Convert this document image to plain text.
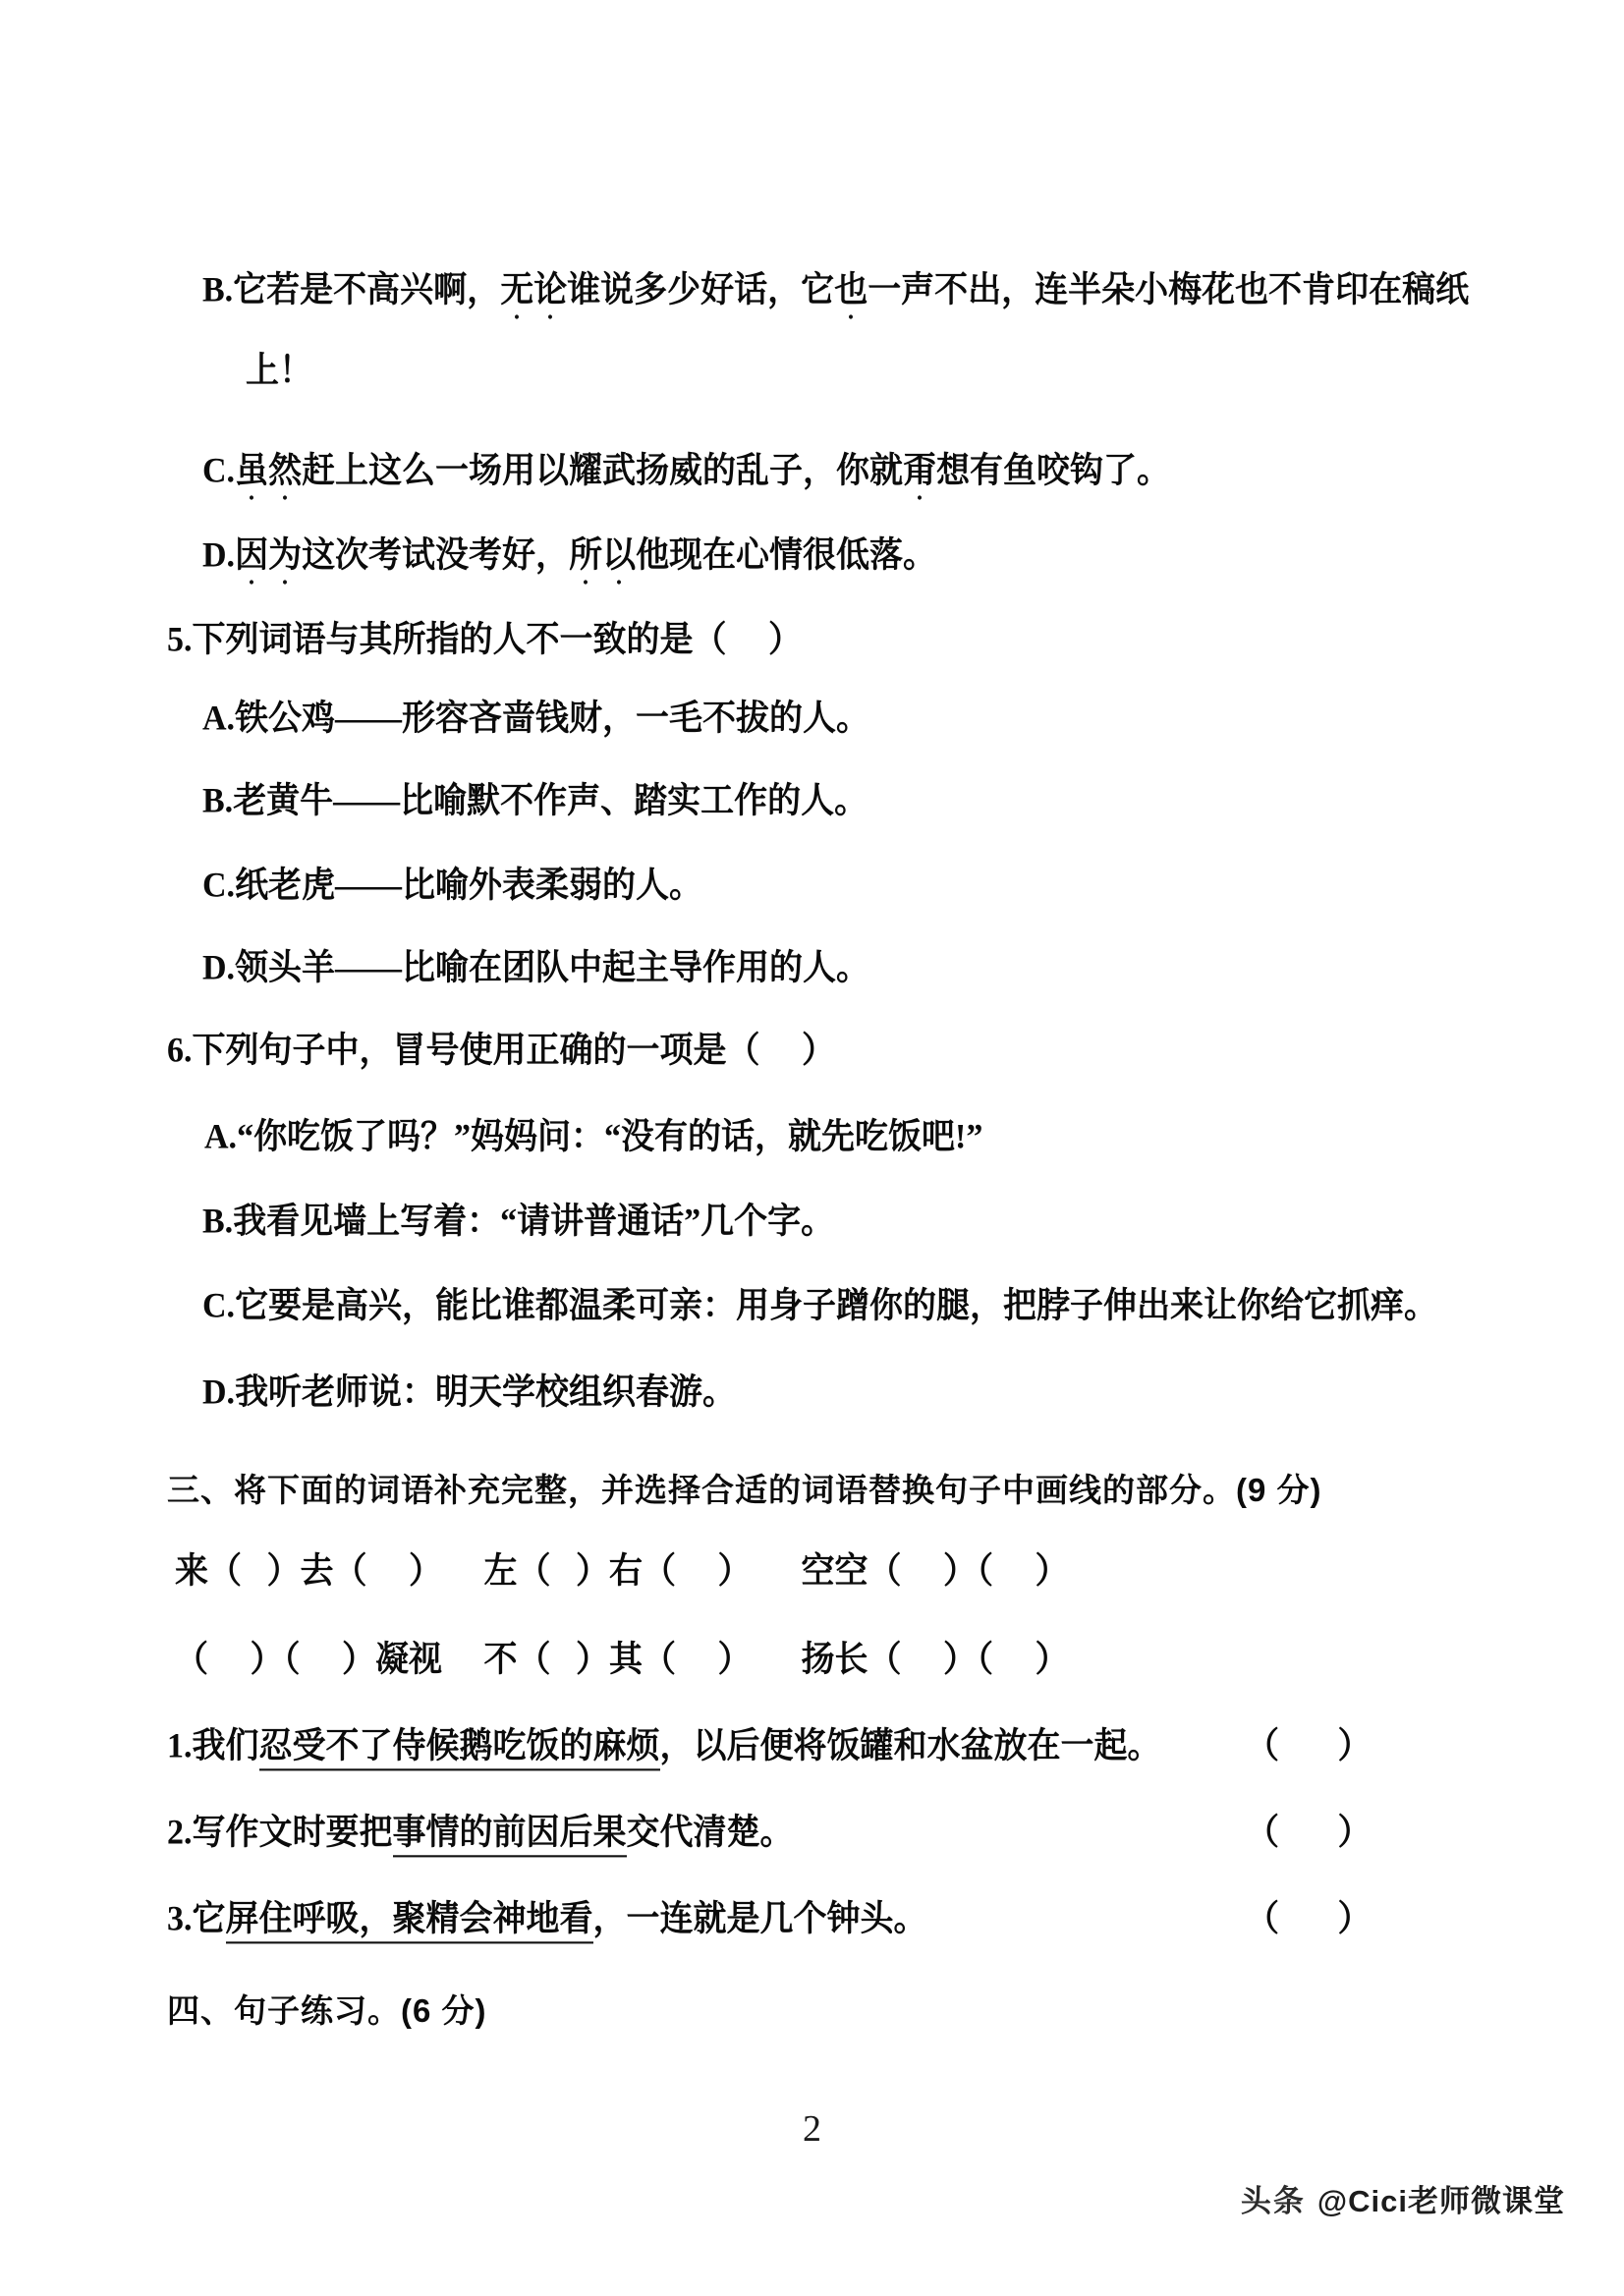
B.它若是不高兴啊，无论谁说多少好话，它也一声不出，连半朵小梅花也不肯印在稿纸
上！
C.虽然赶上这么一场用以耀武扬威的乱子，你就甭想有鱼咬钩了。
D.因为这次考试没考好，所以他现在心情很低落。
5.下列词语与其所指的人不一致的是（ ）
A.铁公鸡——形容吝啬钱财，一毛不拔的人。
B.老黄牛——比喻默不作声、踏实工作的人。
C.纸老虎——比喻外表柔弱的人。
D.领头羊——比喻在团队中起主导作用的人。
6.下列句子中，冒号使用正确的一项是（ ）
A.“你吃饭了吗？”妈妈问：“没有的话，就先吃饭吧!”
B.我看见墙上写着：“请讲普通话”几个字。
C.它要是高兴，能比谁都温柔可亲：用身子蹭你的腿，把脖子伸出来让你给它抓痒。
D.我听老师说：明天学校组织春游。
三、将下面的词语补充完整，并选择合适的词语替换句子中画线的部分。(9 分)
来（ ）去（ ） 左（ ）右（ ） 空空（ ）（ ）
（ ）（ ）凝视 不（ ）其（ ） 扬长（ ）（ ）
1.我们忍受不了侍候鹅吃饭的麻烦，以后便将饭罐和水盆放在一起。	（ ）
2.写作文时要把事情的前因后果交代清楚。	（ ）
3.它屏住呼吸，聚精会神地看，一连就是几个钟头。	（ ）
四、句子练习。(6 分)
2
头条 @Cici老师微课堂
